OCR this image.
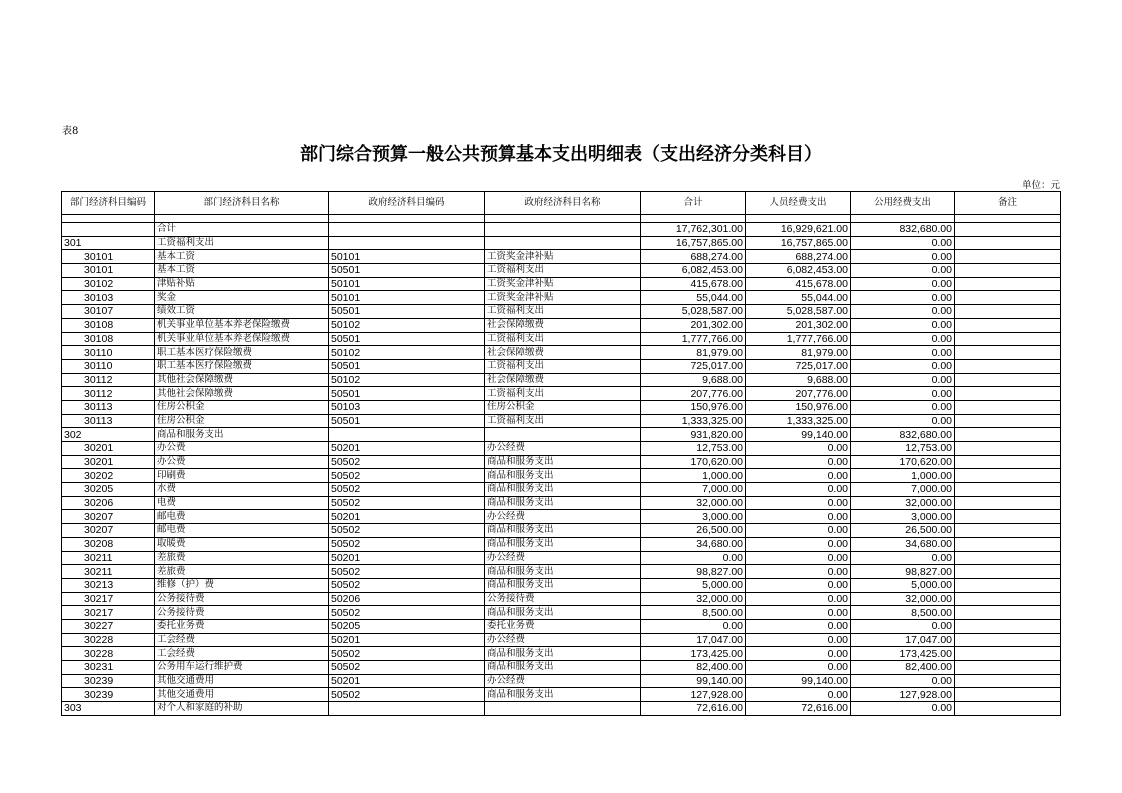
表8
部门综合预算一般公共预算基本支出明细表（支出经济分类科目）
单位：元
部门经济科目编码	部门经济科目名称	政府经济科目编码	政府经济科目名称	合计	人员经费支出	公用经费支出	备注

	合计			17,762,301.00	16,929,621.00	832,680.00	
301	工资福利支出			16,757,865.00	16,757,865.00	0.00	
30101	基本工资	50101	工资奖金津补贴	688,274.00	688,274.00	0.00	
30101	基本工资	50501	工资福利支出	6,082,453.00	6,082,453.00	0.00	
30102	津贴补贴	50101	工资奖金津补贴	415,678.00	415,678.00	0.00	
30103	奖金	50101	工资奖金津补贴	55,044.00	55,044.00	0.00	
30107	绩效工资	50501	工资福利支出	5,028,587.00	5,028,587.00	0.00	
30108	机关事业单位基本养老保险缴费	50102	社会保障缴费	201,302.00	201,302.00	0.00	
30108	机关事业单位基本养老保险缴费	50501	工资福利支出	1,777,766.00	1,777,766.00	0.00	
30110	职工基本医疗保险缴费	50102	社会保障缴费	81,979.00	81,979.00	0.00	
30110	职工基本医疗保险缴费	50501	工资福利支出	725,017.00	725,017.00	0.00	
30112	其他社会保障缴费	50102	社会保障缴费	9,688.00	9,688.00	0.00	
30112	其他社会保障缴费	50501	工资福利支出	207,776.00	207,776.00	0.00	
30113	住房公积金	50103	住房公积金	150,976.00	150,976.00	0.00	
30113	住房公积金	50501	工资福利支出	1,333,325.00	1,333,325.00	0.00	
302	商品和服务支出			931,820.00	99,140.00	832,680.00	
30201	办公费	50201	办公经费	12,753.00	0.00	12,753.00	
30201	办公费	50502	商品和服务支出	170,620.00	0.00	170,620.00	
30202	印刷费	50502	商品和服务支出	1,000.00	0.00	1,000.00	
30205	水费	50502	商品和服务支出	7,000.00	0.00	7,000.00	
30206	电费	50502	商品和服务支出	32,000.00	0.00	32,000.00	
30207	邮电费	50201	办公经费	3,000.00	0.00	3,000.00	
30207	邮电费	50502	商品和服务支出	26,500.00	0.00	26,500.00	
30208	取暖费	50502	商品和服务支出	34,680.00	0.00	34,680.00	
30211	差旅费	50201	办公经费	0.00	0.00	0.00	
30211	差旅费	50502	商品和服务支出	98,827.00	0.00	98,827.00	
30213	维修（护）费	50502	商品和服务支出	5,000.00	0.00	5,000.00	
30217	公务接待费	50206	公务接待费	32,000.00	0.00	32,000.00	
30217	公务接待费	50502	商品和服务支出	8,500.00	0.00	8,500.00	
30227	委托业务费	50205	委托业务费	0.00	0.00	0.00	
30228	工会经费	50201	办公经费	17,047.00	0.00	17,047.00	
30228	工会经费	50502	商品和服务支出	173,425.00	0.00	173,425.00	
30231	公务用车运行维护费	50502	商品和服务支出	82,400.00	0.00	82,400.00	
30239	其他交通费用	50201	办公经费	99,140.00	99,140.00	0.00	
30239	其他交通费用	50502	商品和服务支出	127,928.00	0.00	127,928.00	
303	对个人和家庭的补助			72,616.00	72,616.00	0.00	
